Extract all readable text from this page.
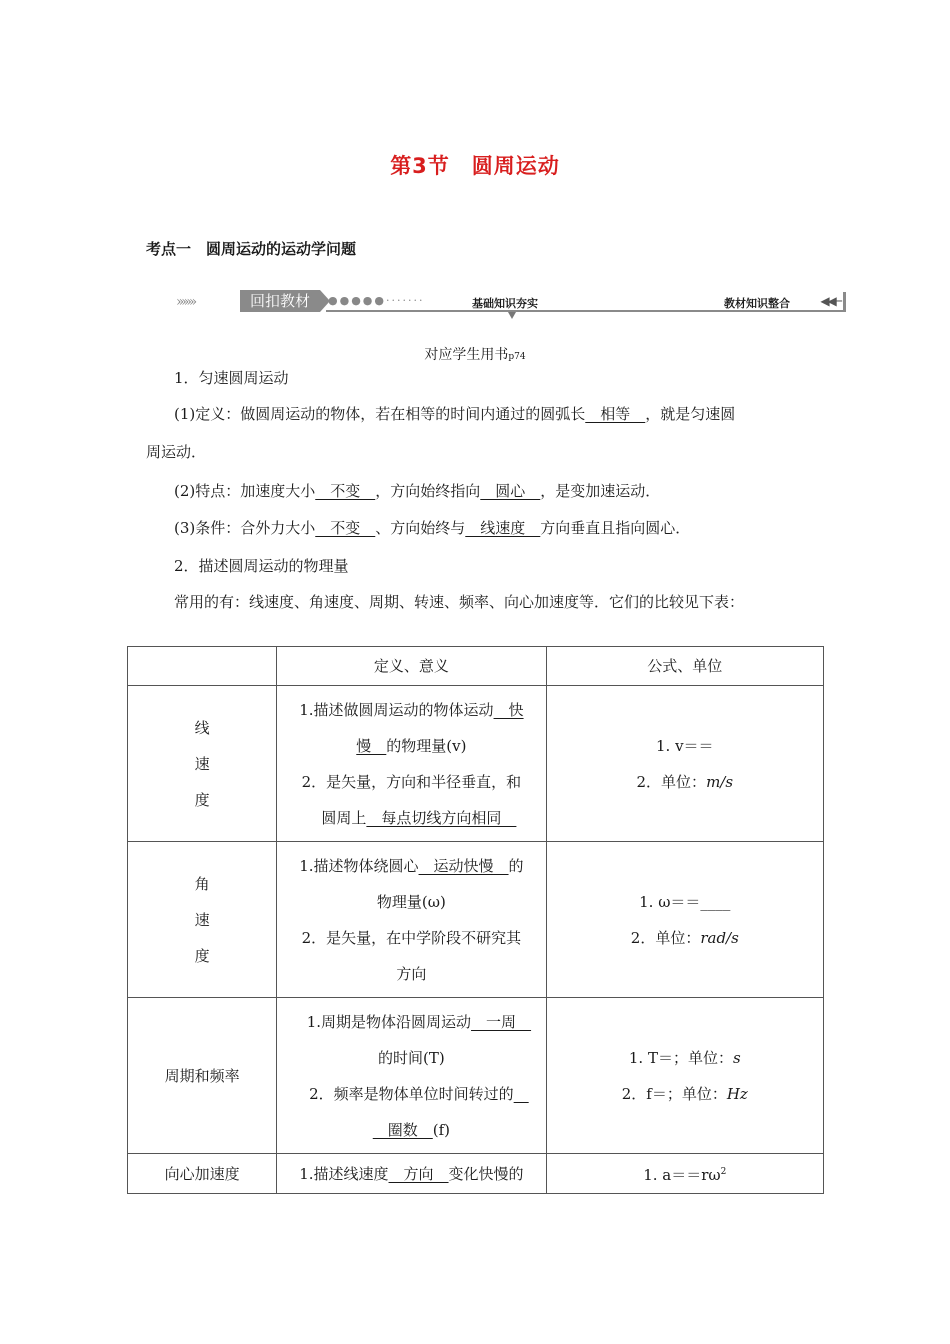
第3节　圆周运动
考点一　圆周运动的运动学问题
›››››››	回扣教材	●●●●●·······	基础知识夯实	教材知识整合	◀◀─
对应学生用书p74
1．匀速圆周运动
(1)定义：做圆周运动的物体，若在相等的时间内通过的圆弧长　相等　，就是匀速圆
周运动．
(2)特点：加速度大小　不变　，方向始终指向　圆心　，是变加速运动．
(3)条件：合外力大小　不变　、方向始终与　线速度　方向垂直且指向圆心．
2．描述圆周运动的物理量
常用的有：线速度、角速度、周期、转速、频率、向心加速度等．它们的比较见下表：
	定义、意义	公式、单位

线
速
度	1.描述做圆周运动的物体运动　快
慢　的物理量(v)
2．是矢量，方向和半径垂直，和
圆周上　每点切线方向相同　	1. v＝＝
2．单位：m/s

角
速
度	1.描述物体绕圆心　运动快慢　的
物理量(ω)
2．是矢量，在中学阶段不研究其
方向	1. ω＝＝____
2．单位：rad/s

周期和频率	1.周期是物体沿圆周运动　一周　
的时间(T)
2．频率是物体单位时间转过的　
　圈数　(f)	1. T＝；单位：s
2．f＝；单位：Hz

向心加速度	1.描述线速度　方向　变化快慢的	1. $a==r\omega^2$
